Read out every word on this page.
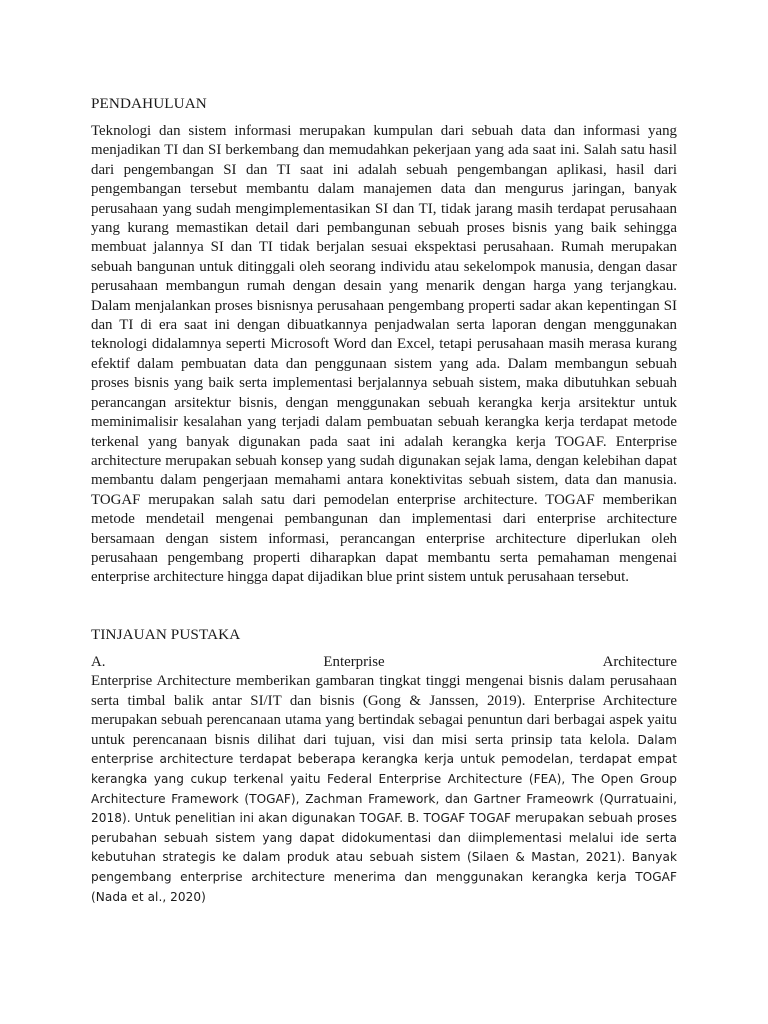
PENDAHULUAN
Teknologi dan sistem informasi merupakan kumpulan dari sebuah data dan informasi yang menjadikan TI dan SI berkembang dan memudahkan pekerjaan yang ada saat ini. Salah satu hasil dari pengembangan SI dan TI saat ini adalah sebuah pengembangan aplikasi, hasil dari pengembangan tersebut membantu dalam manajemen data dan mengurus jaringan, banyak perusahaan yang sudah mengimplementasikan SI dan TI, tidak jarang masih terdapat perusahaan yang kurang memastikan detail dari pembangunan sebuah proses bisnis yang baik sehingga membuat jalannya SI dan TI tidak berjalan sesuai ekspektasi perusahaan. Rumah merupakan sebuah bangunan untuk ditinggali oleh seorang individu atau sekelompok manusia, dengan dasar perusahaan membangun rumah dengan desain yang menarik dengan harga yang terjangkau. Dalam menjalankan proses bisnisnya perusahaan pengembang properti sadar akan kepentingan SI dan TI di era saat ini dengan dibuatkannya penjadwalan serta laporan dengan menggunakan teknologi didalamnya seperti Microsoft Word dan Excel, tetapi perusahaan masih merasa kurang efektif dalam pembuatan data dan penggunaan sistem yang ada. Dalam membangun sebuah proses bisnis yang baik serta implementasi berjalannya sebuah sistem, maka dibutuhkan sebuah perancangan arsitektur bisnis, dengan menggunakan sebuah kerangka kerja arsitektur untuk meminimalisir kesalahan yang terjadi dalam pembuatan sebuah kerangka kerja terdapat metode terkenal yang banyak digunakan pada saat ini adalah kerangka kerja TOGAF. Enterprise architecture merupakan sebuah konsep yang sudah digunakan sejak lama, dengan kelebihan dapat membantu dalam pengerjaan memahami antara konektivitas sebuah sistem, data dan manusia. TOGAF merupakan salah satu dari pemodelan enterprise architecture. TOGAF memberikan metode mendetail mengenai pembangunan dan implementasi dari enterprise architecture bersamaan dengan sistem informasi, perancangan enterprise architecture diperlukan oleh perusahaan pengembang properti diharapkan dapat membantu serta pemahaman mengenai enterprise architecture hingga dapat dijadikan blue print sistem untuk perusahaan tersebut.
TINJAUAN PUSTAKA
A.	Enterprise	Architecture
Enterprise Architecture memberikan gambaran tingkat tinggi mengenai bisnis dalam perusahaan serta timbal balik antar SI/IT dan bisnis (Gong & Janssen, 2019). Enterprise Architecture merupakan sebuah perencanaan utama yang bertindak sebagai penuntun dari berbagai aspek yaitu untuk perencanaan bisnis dilihat dari tujuan, visi dan misi serta prinsip tata kelola. Dalam enterprise architecture terdapat beberapa kerangka kerja untuk pemodelan, terdapat empat kerangka yang cukup terkenal yaitu Federal Enterprise Architecture (FEA), The Open Group Architecture Framework (TOGAF), Zachman Framework, dan Gartner Frameowrk (Qurratuaini, 2018). Untuk penelitian ini akan digunakan TOGAF. B. TOGAF TOGAF merupakan sebuah proses perubahan sebuah sistem yang dapat didokumentasi dan diimplementasi melalui ide serta kebutuhan strategis ke dalam produk atau sebuah sistem (Silaen & Mastan, 2021). Banyak pengembang enterprise architecture menerima dan menggunakan kerangka kerja TOGAF (Nada et al., 2020)
